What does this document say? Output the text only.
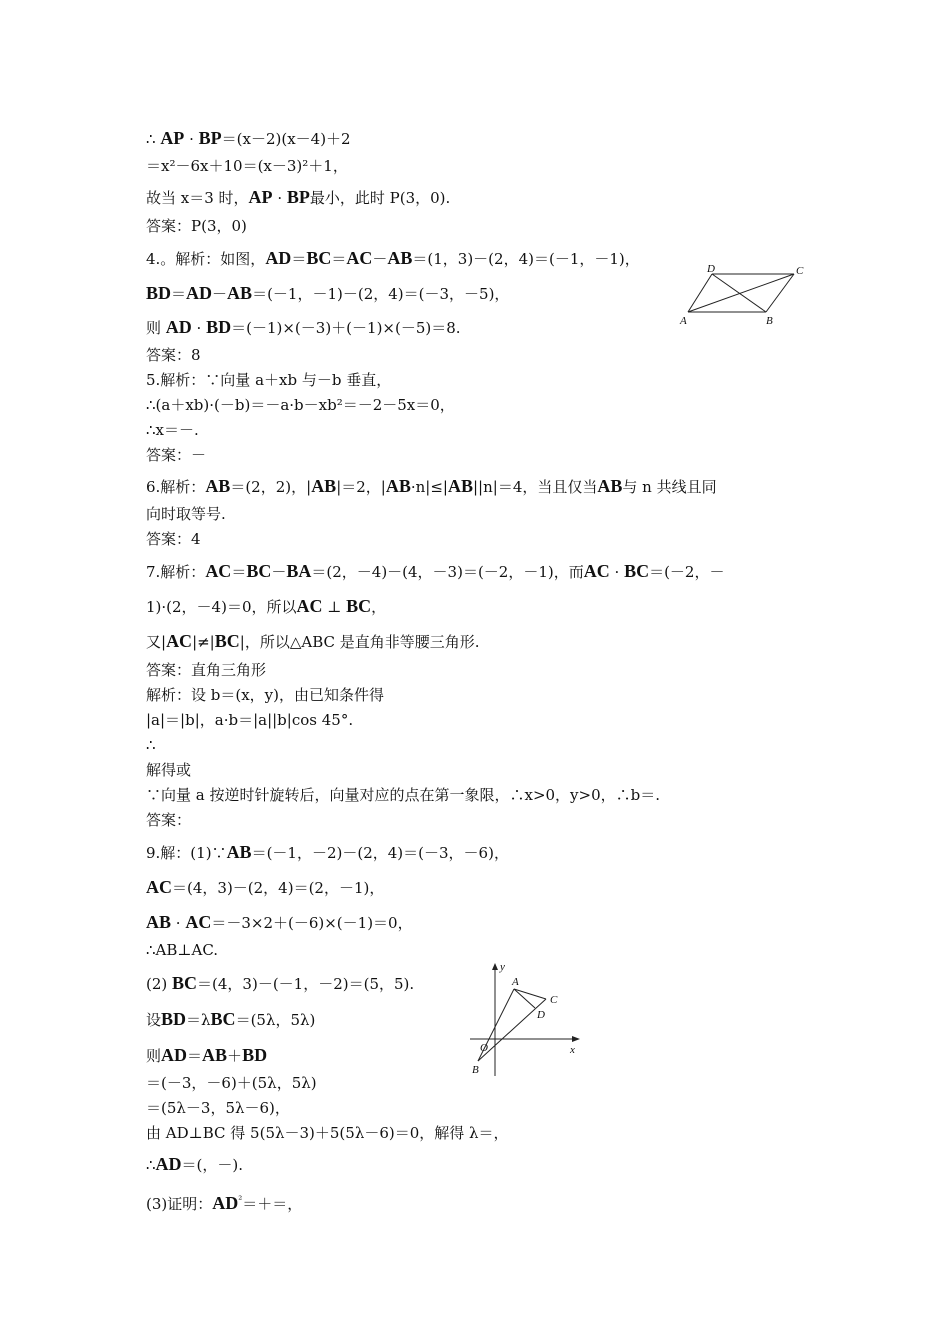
∴ AP · BP＝(x－2)(x－4)＋2
＝x²－6x＋10＝(x－3)²＋1，
故当 x＝3 时，AP · BP最小，此时 P(3，0).
答案：P(3，0)
4.。解析：如图，AD＝BC＝AC－AB＝(1，3)－(2，4)＝(－1，－1)，
BD＝AD－AB＝(－1，－1)－(2，4)＝(－3，－5)，
则 AD · BD＝(－1)×(－3)＋(－1)×(－5)＝8.
答案：8
5.解析：∵向量 a＋xb 与－b 垂直，
∴(a＋xb)·(－b)＝－a·b－xb²＝－2－5x＝0，
∴x＝－.
答案：－
6.解析：AB＝(2，2)，|AB|＝2，|AB·n|≤|AB||n|＝4，当且仅当AB与 n 共线且同
向时取等号.
答案：4
7.解析：AC＝BC－BA＝(2，－4)－(4，－3)＝(－2，－1)，而AC · BC＝(－2，－
1)·(2，－4)＝0，所以AC ⊥ BC，
又|AC|≠|BC|，所以△ABC 是直角非等腰三角形.
答案：直角三角形
解析：设 b＝(x，y)，由已知条件得
|a|＝|b|，a·b＝|a||b|cos 45°.
∴
解得或
∵向量 a 按逆时针旋转后，向量对应的点在第一象限，∴x>0，y>0，∴b＝.
答案：
9.解：(1)∵AB＝(－1，－2)－(2，4)＝(－3，－6)，
AC＝(4，3)－(2，4)＝(2，－1)，
AB · AC＝－3×2＋(－6)×(－1)＝0，
∴AB⊥AC.
(2) BC＝(4，3)－(－1，－2)＝(5，5).
设BD＝λBC＝(5λ，5λ)
则AD＝AB＋BD
＝(－3，－6)＋(5λ，5λ)
＝(5λ－3，5λ－6)，
由 AD⊥BC 得 5(5λ－3)＋5(5λ－6)＝0，解得 λ＝，
∴AD＝(，－).
(3)证明：$AD^{^2}=+=$，
A	B
C
D
y
x
O
A
B
C
D
